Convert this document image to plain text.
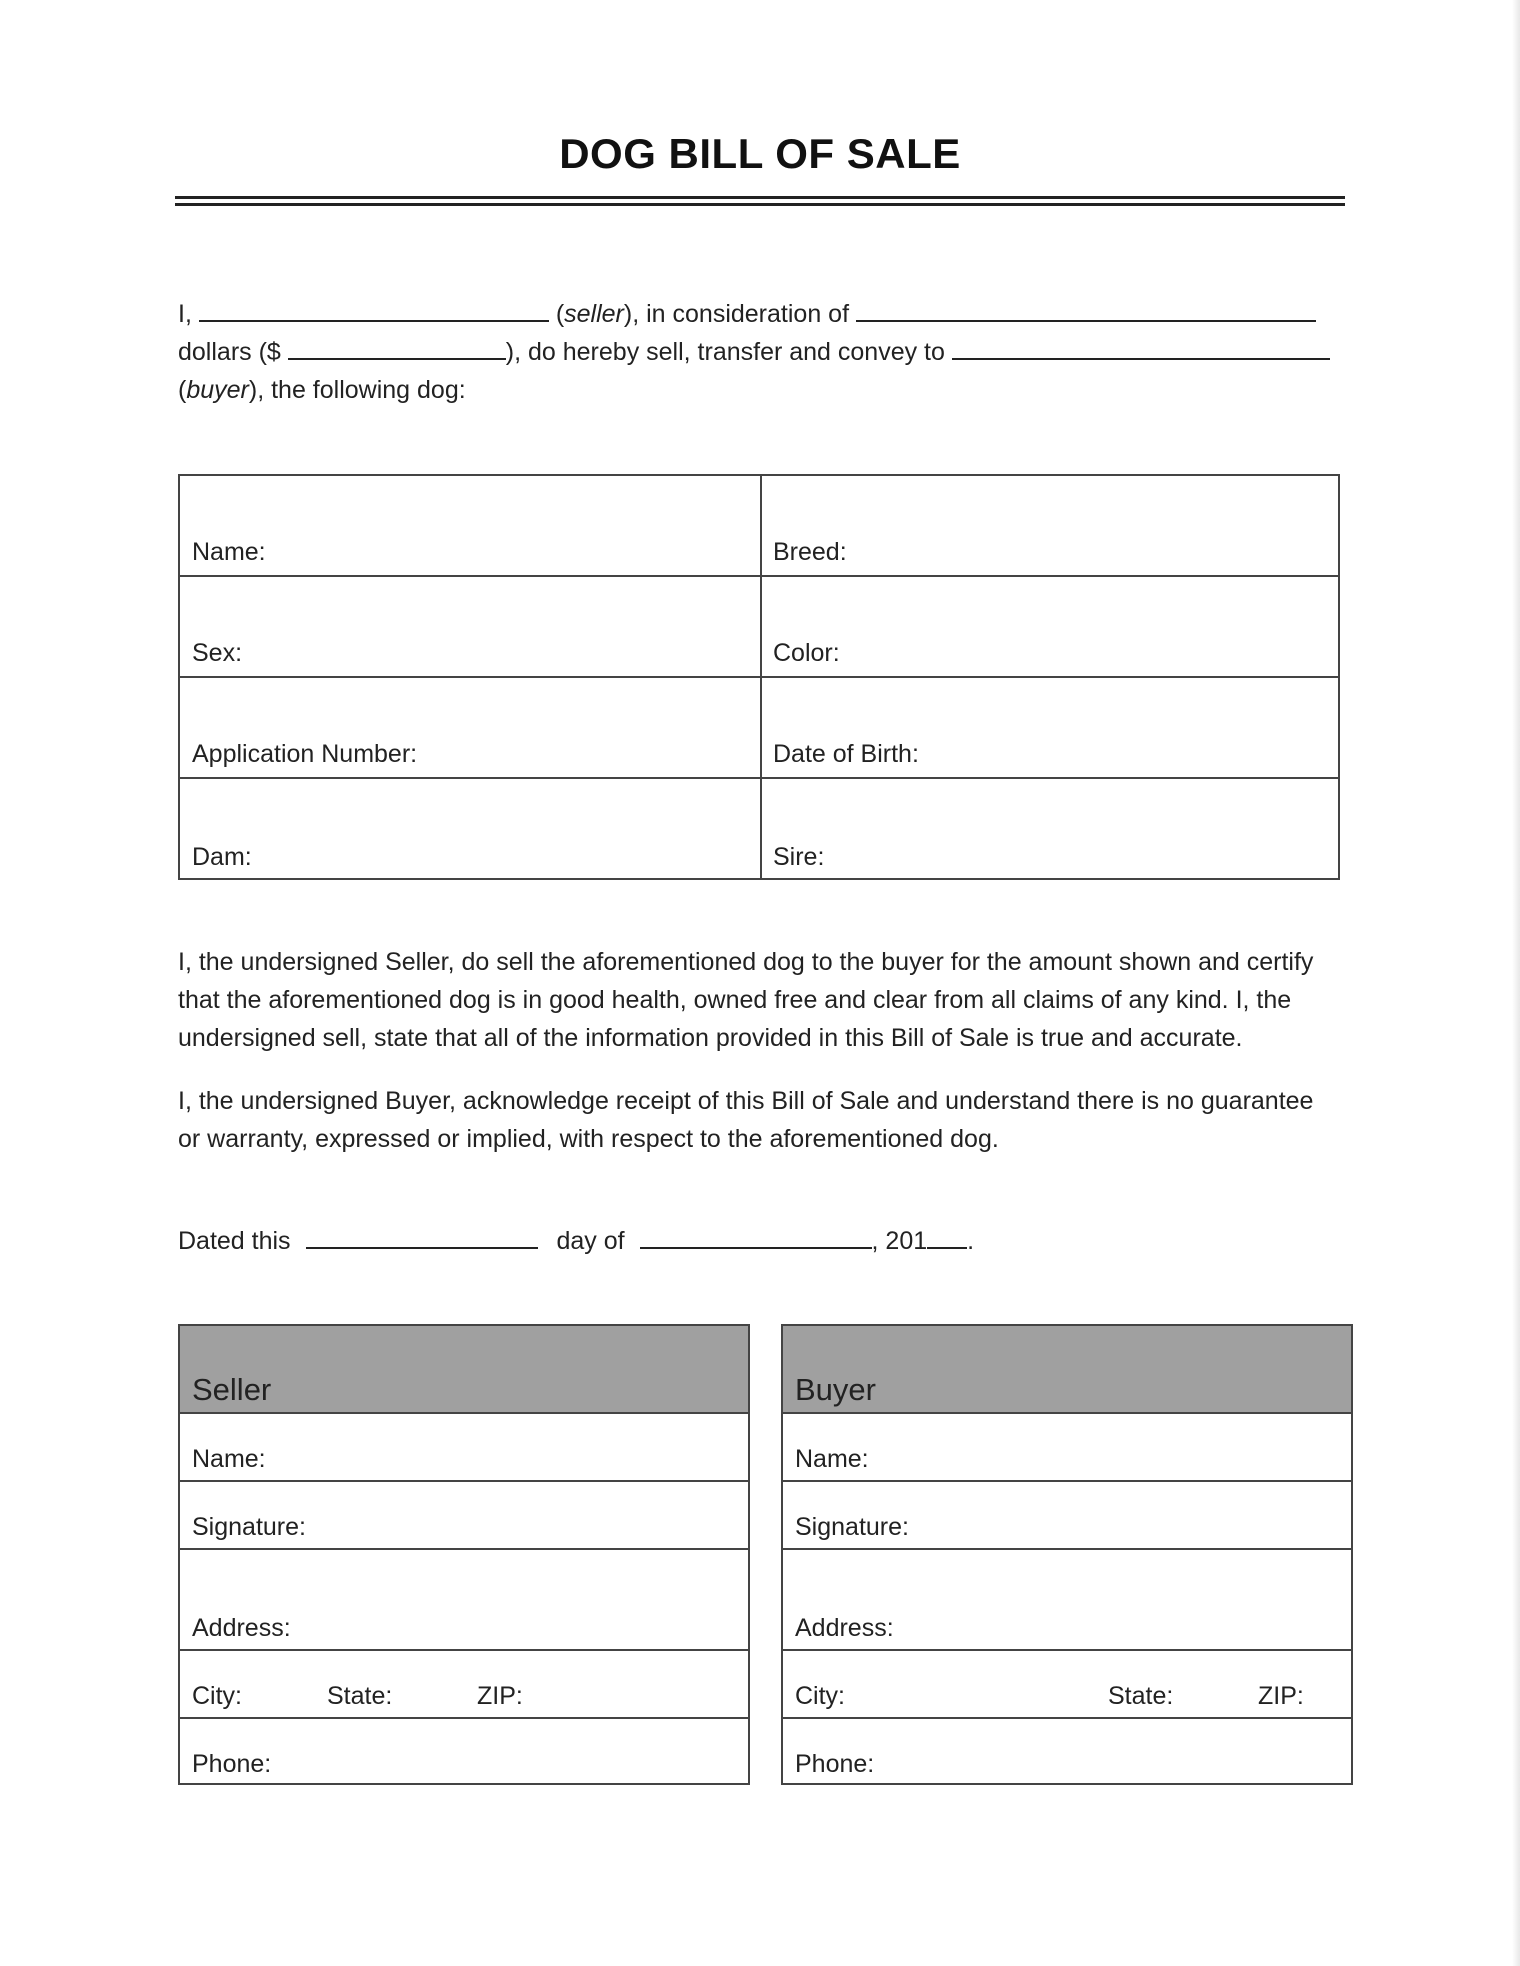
DOG BILL OF SALE
I,	(seller), in consideration of
dollars ($	), do hereby sell, transfer and convey to
(buyer), the following dog:
Name:	Breed:
Sex:	Color:
Application Number:	Date of Birth:
Dam:	Sire:
I, the undersigned Seller, do sell the aforementioned dog to the buyer for the amount shown and certify
that the aforementioned dog is in good health, owned free and clear from all claims of any kind. I, the
undersigned sell, state that all of the information provided in this Bill of Sale is true and accurate.
I, the undersigned Buyer, acknowledge receipt of this Bill of Sale and understand there is no guarantee
or warranty, expressed or implied, with respect to the aforementioned dog.
Dated this	day of	, 201 .
Seller
Name:
Signature:
Address:
City:	State:	ZIP:
Phone:
Buyer
Name:
Signature:
Address:
City:	State:	ZIP:
Phone:
